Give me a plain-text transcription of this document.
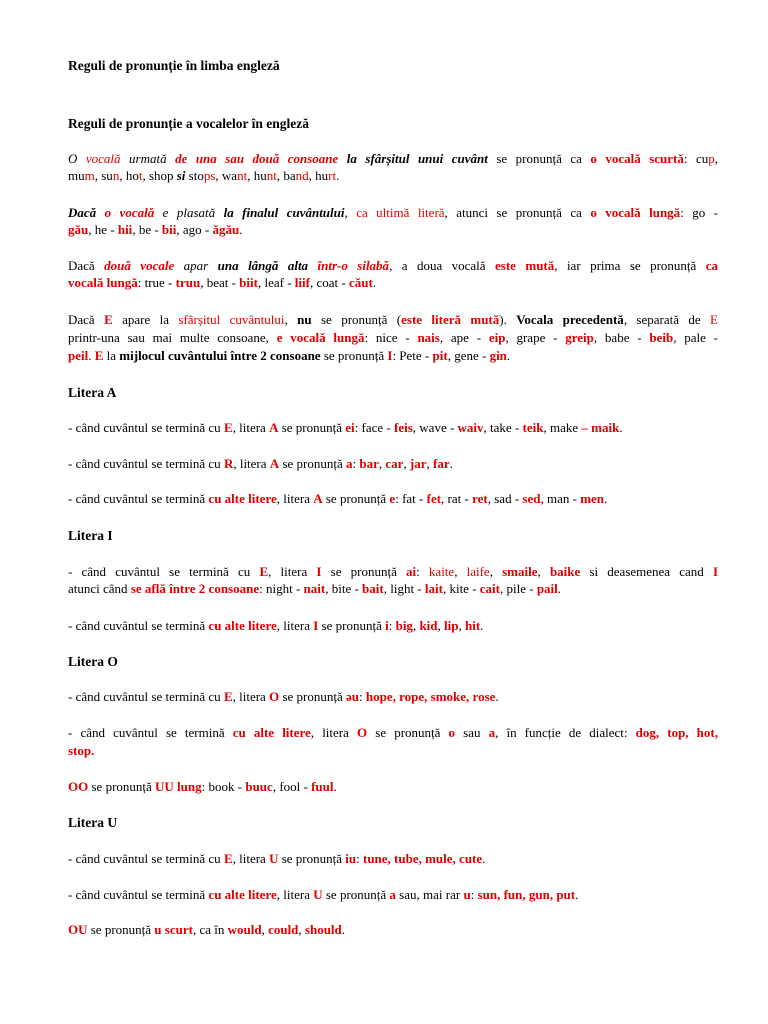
Reguli de pronunție în limba engleză
Reguli de pronunție a vocalelor în engleză
O vocală urmată de una sau două consoane la sfârșitul unui cuvânt se pronunță ca o vocală scurtă: cup,
mum, sun, hot, shop si stops, want, hunt, band, hurt.
Dacă o vocală e plasată la finalul cuvântului, ca ultimă literă, atunci se pronunță ca o vocală lungă: go -
gău, he - hii, be - bii, ago - ăgău.
Dacă două vocale apar una lângă alta într-o silabă, a doua vocală este mută, iar prima se pronunță ca
vocală lungă: true - truu, beat - biit, leaf - liif, coat - căut.
Dacă E apare la sfârșitul cuvântului, nu se pronunță (este literă mută). Vocala precedentă, separată de E
printr-una sau mai multe consoane, e vocală lungă: nice - nais, ape - eip, grape - greip, babe - beib, pale -
peil. E la mijlocul cuvântului între 2 consoane se pronunță I: Pete - pit, gene - gin.
Litera A
- când cuvântul se termină cu E, litera A se pronunță ei: face - feis, wave - waiv, take - teik, make – maik.
- când cuvântul se termină cu R, litera A se pronunță a: bar, car, jar, far.
- când cuvântul se termină cu alte litere, litera A se pronunță e: fat - fet, rat - ret, sad - sed, man - men.
Litera I
- când cuvântul se termină cu E, litera I se pronunță ai: kaite, laife, smaile, baike si deasemenea cand I
atunci când se află între 2 consoane: night - nait, bite - bait, light - lait, kite - cait, pile - pail.
- când cuvântul se termină cu alte litere, litera I se pronunță i: big, kid, lip, hit.
Litera O
- când cuvântul se termină cu E, litera O se pronunță əu: hope, rope, smoke, rose.
- când cuvântul se termină cu alte litere, litera O se pronunță o sau a, în funcție de dialect: dog, top, hot,
stop.
OO se pronunță UU lung: book - buuc, fool - fuul.
Litera U
- când cuvântul se termină cu E, litera U se pronunță iu: tune, tube, mule, cute.
- când cuvântul se termină cu alte litere, litera U se pronunță a sau, mai rar u: sun, fun, gun, put.
OU se pronunță u scurt, ca în would, could, should.
